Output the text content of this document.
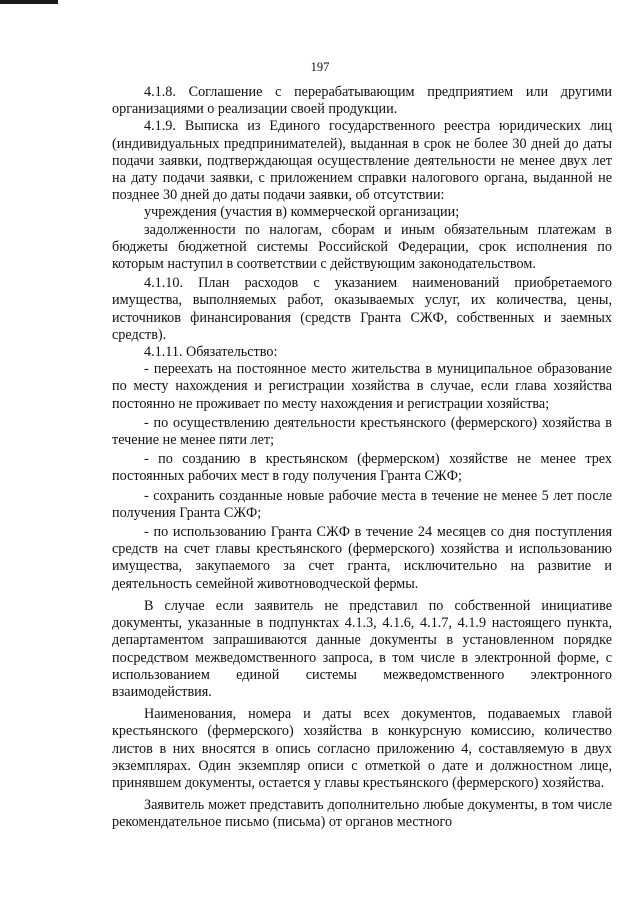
197

4.1.8. Соглашение с перерабатывающим предприятием или другими организациями о реализации своей продукции.

4.1.9. Выписка из Единого государственного реестра юридических лиц (индивидуальных предпринимателей), выданная в срок не более 30 дней до даты подачи заявки, подтверждающая осуществление деятельности не менее двух лет на дату подачи заявки, с приложением справки налогового органа, выданной не позднее 30 дней до даты подачи заявки, об отсутствии:

учреждения (участия в) коммерческой организации;

задолженности по налогам, сборам и иным обязательным платежам в бюджеты бюджетной системы Российской Федерации, срок исполнения по которым наступил в соответствии с действующим законодательством.

4.1.10. План расходов с указанием наименований приобретаемого имущества, выполняемых работ, оказываемых услуг, их количества, цены, источников финансирования (средств Гранта СЖФ, собственных и заемных средств).

4.1.11. Обязательство:

- переехать на постоянное место жительства в муниципальное образование по месту нахождения и регистрации хозяйства в случае, если глава хозяйства постоянно не проживает по месту нахождения и регистрации хозяйства;

- по осуществлению деятельности крестьянского (фермерского) хозяйства в течение не менее пяти лет;

- по созданию в крестьянском (фермерском) хозяйстве не менее трех постоянных рабочих мест в году получения Гранта СЖФ;

- сохранить созданные новые рабочие места в течение не менее 5 лет после получения Гранта СЖФ;

- по использованию Гранта СЖФ в течение 24 месяцев со дня поступления средств на счет главы крестьянского (фермерского) хозяйства и использованию имущества, закупаемого за счет гранта, исключительно на развитие и деятельность семейной животноводческой фермы.

В случае если заявитель не представил по собственной инициативе документы, указанные в подпунктах 4.1.3, 4.1.6, 4.1.7, 4.1.9 настоящего пункта, департаментом запрашиваются данные документы в установленном порядке посредством межведомственного запроса, в том числе в электронной форме, с использованием единой системы межведомственного электронного взаимодействия.

Наименования, номера и даты всех документов, подаваемых главой крестьянского (фермерского) хозяйства в конкурсную комиссию, количество листов в них вносятся в опись согласно приложению 4, составляемую в двух экземплярах. Один экземпляр описи с отметкой о дате и должностном лице, принявшем документы, остается у главы крестьянского (фермерского) хозяйства.

Заявитель может представить дополнительно любые документы, в том числе рекомендательное письмо (письма) от органов местного
